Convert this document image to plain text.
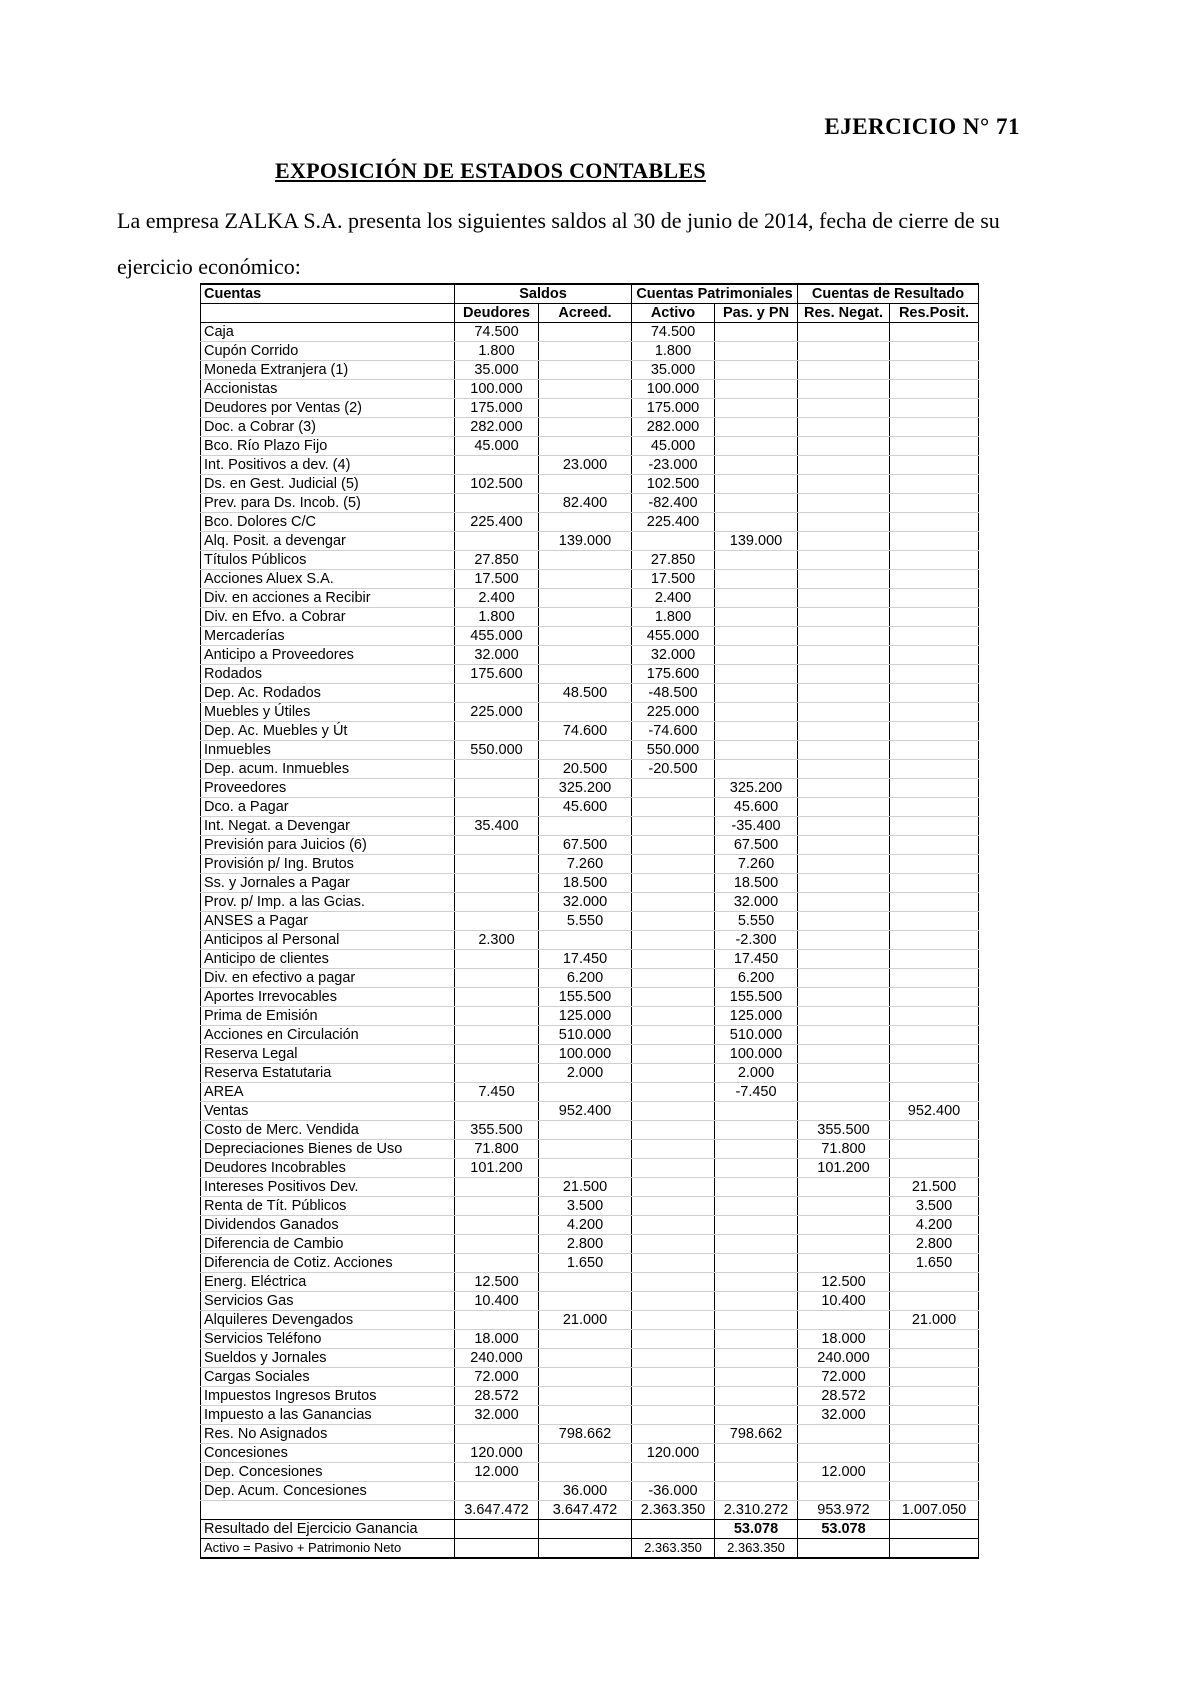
EJERCICIO N° 71
EXPOSICIÓN DE ESTADOS CONTABLES
La empresa ZALKA S.A. presenta los siguientes saldos al 30 de junio de 2014, fecha de cierre de su ejercicio económico:
Cuentas	Saldos		Cuentas Patrimoniales		Cuentas de Resultado	
	Deudores	Acreed.	Activo	Pas. y PN	Res. Negat.	Res.Posit.
Caja	74.500		74.500			
Cupón Corrido	1.800		1.800			
Moneda Extranjera (1)	35.000		35.000			
Accionistas	100.000		100.000			
Deudores por Ventas (2)	175.000		175.000			
Doc. a Cobrar (3)	282.000		282.000			
Bco. Río Plazo Fijo	45.000		45.000			
Int. Positivos a dev. (4)		23.000	-23.000			
Ds. en Gest. Judicial (5)	102.500		102.500			
Prev. para Ds. Incob. (5)		82.400	-82.400			
Bco. Dolores C/C	225.400		225.400			
Alq. Posit. a devengar		139.000		139.000		
Títulos Públicos	27.850		27.850			
Acciones Aluex S.A.	17.500		17.500			
Div. en acciones a Recibir	2.400		2.400			
Div. en Efvo. a Cobrar	1.800		1.800			
Mercaderías	455.000		455.000			
Anticipo a Proveedores	32.000		32.000			
Rodados	175.600		175.600			
Dep. Ac. Rodados		48.500	-48.500			
Muebles y Útiles	225.000		225.000			
Dep. Ac. Muebles y Út		74.600	-74.600			
Inmuebles	550.000		550.000			
Dep. acum. Inmuebles		20.500	-20.500			
Proveedores		325.200		325.200		
Dco. a Pagar		45.600		45.600		
Int. Negat. a Devengar	35.400			-35.400		
Previsión para Juicios (6)		67.500		67.500		
Provisión p/ Ing. Brutos		7.260		7.260		
Ss. y Jornales a Pagar		18.500		18.500		
Prov. p/ Imp. a las Gcias.		32.000		32.000		
ANSES a Pagar		5.550		5.550		
Anticipos al Personal	2.300			-2.300		
Anticipo de clientes		17.450		17.450		
Div. en efectivo a pagar		6.200		6.200		
Aportes Irrevocables		155.500		155.500		
Prima de Emisión		125.000		125.000		
Acciones en Circulación		510.000		510.000		
Reserva Legal		100.000		100.000		
Reserva Estatutaria		2.000		2.000		
AREA	7.450			-7.450		
Ventas		952.400				952.400
Costo de Merc. Vendida	355.500				355.500	
Depreciaciones Bienes de Uso	71.800				71.800	
Deudores Incobrables	101.200				101.200	
Intereses Positivos Dev.		21.500				21.500
Renta de Tít. Públicos		3.500				3.500
Dividendos Ganados		4.200				4.200
Diferencia de Cambio		2.800				2.800
Diferencia de Cotiz. Acciones		1.650				1.650
Energ. Eléctrica	12.500				12.500	
Servicios Gas	10.400				10.400	
Alquileres Devengados		21.000				21.000
Servicios Teléfono	18.000				18.000	
Sueldos y Jornales	240.000				240.000	
Cargas Sociales	72.000				72.000	
Impuestos Ingresos Brutos	28.572				28.572	
Impuesto a las Ganancias	32.000				32.000	
Res. No Asignados		798.662		798.662		
Concesiones	120.000		120.000			
Dep. Concesiones	12.000				12.000	
Dep. Acum. Concesiones		36.000	-36.000			
	3.647.472	3.647.472	2.363.350	2.310.272	953.972	1.007.050
Resultado del Ejercicio Ganancia				53.078	53.078	
Activo = Pasivo + Patrimonio Neto			2.363.350	2.363.350		
